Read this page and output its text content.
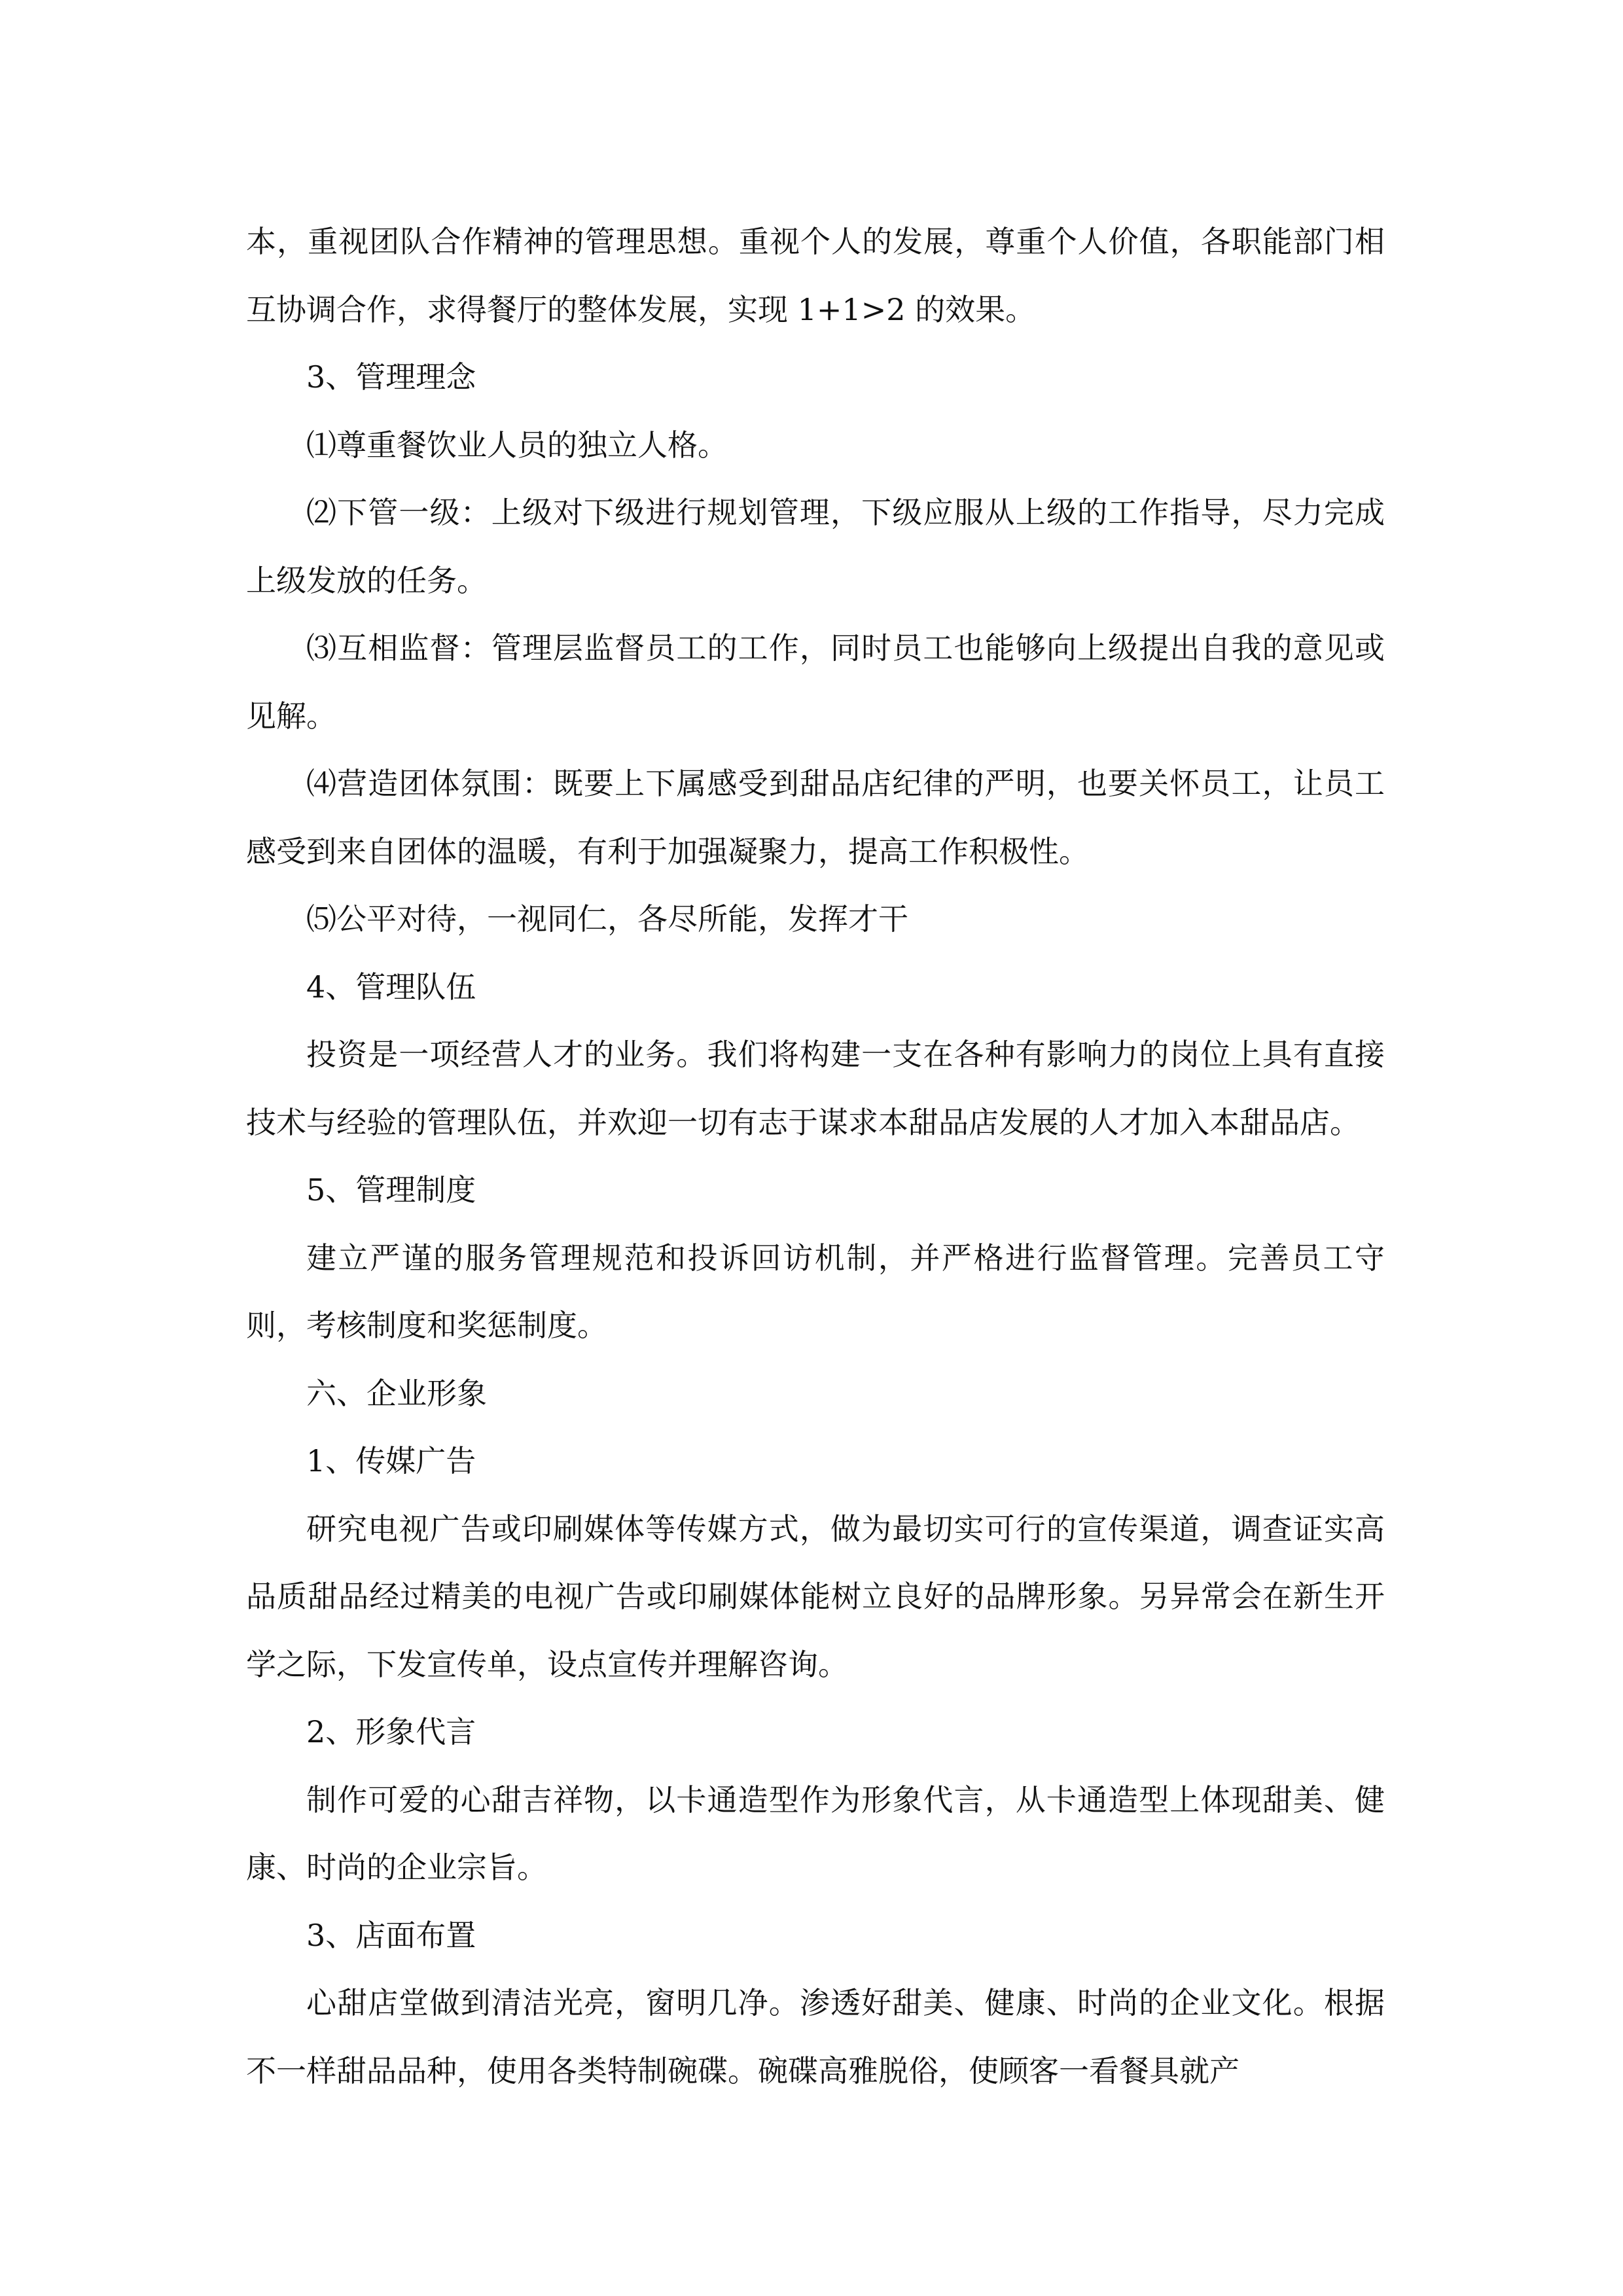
本，重视团队合作精神的管理思想。重视个人的发展，尊重个人价值，各职能部门相互协调合作，求得餐厅的整体发展，实现 1+1>2 的效果。

3、管理理念

⑴尊重餐饮业人员的独立人格。

⑵下管一级：上级对下级进行规划管理，下级应服从上级的工作指导，尽力完成上级发放的任务。

⑶互相监督：管理层监督员工的工作，同时员工也能够向上级提出自我的意见或见解。

⑷营造团体氛围：既要上下属感受到甜品店纪律的严明，也要关怀员工，让员工感受到来自团体的温暖，有利于加强凝聚力，提高工作积极性。

⑸公平对待，一视同仁，各尽所能，发挥才干

4、管理队伍

投资是一项经营人才的业务。我们将构建一支在各种有影响力的岗位上具有直接技术与经验的管理队伍，并欢迎一切有志于谋求本甜品店发展的人才加入本甜品店。

5、管理制度

建立严谨的服务管理规范和投诉回访机制，并严格进行监督管理。完善员工守则，考核制度和奖惩制度。

六、企业形象

1、传媒广告

研究电视广告或印刷媒体等传媒方式，做为最切实可行的宣传渠道，调查证实高品质甜品经过精美的电视广告或印刷媒体能树立良好的品牌形象。另异常会在新生开学之际，下发宣传单，设点宣传并理解咨询。

2、形象代言

制作可爱的心甜吉祥物，以卡通造型作为形象代言，从卡通造型上体现甜美、健康、时尚的企业宗旨。

3、店面布置

心甜店堂做到清洁光亮，窗明几净。渗透好甜美、健康、时尚的企业文化。根据不一样甜品品种，使用各类特制碗碟。碗碟高雅脱俗，使顾客一看餐具就产
